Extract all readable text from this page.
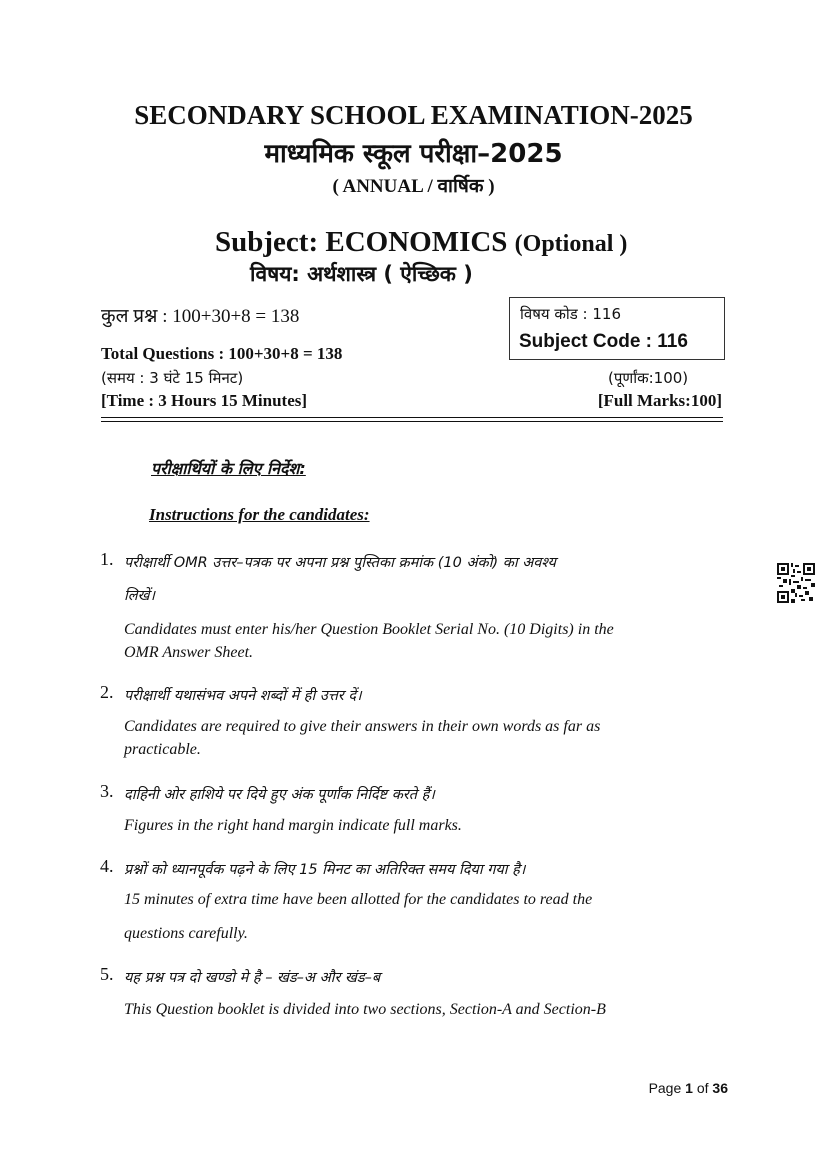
SECONDARY SCHOOL EXAMINATION-2025
माध्यमिक स्कूल परीक्षा–2025
( ANNUAL / वार्षिक )
Subject: ECONOMICS (Optional )
विषय: अर्थशास्त्र ( ऐच्छिक )
कुल प्रश्न : 100+30+8 = 138
Total Questions : 100+30+8 = 138
(समय : 3 घंटे 15 मिनट)
[Time : 3 Hours 15 Minutes]
(पूर्णांक:100)
[Full Marks:100]
विषय कोड : 116
Subject Code : 116
परीक्षार्थियों के लिए निर्देश:
Instructions for the candidates:
1. परीक्षार्थी OMR उत्तर–पत्रक पर अपना प्रश्न पुस्तिका क्रमांक (10 अंको) का अवश्य
लिखें।
Candidates must enter his/her Question Booklet Serial No. (10 Digits) in the
OMR Answer Sheet.
2. परीक्षार्थी यथासंभव अपने शब्दों में ही उत्तर दें।
Candidates are required to give their answers in their own words as far as
practicable.
3. दाहिनी ओर हाशिये पर दिये हुए अंक पूर्णांक निर्दिष्ट करते हैं।
Figures in the right hand margin indicate full marks.
4. प्रश्नों को ध्यानपूर्वक पढ़ने के लिए 15 मिनट का अतिरिक्त समय दिया गया है।
15 minutes of extra time have been allotted for the candidates to read the
questions carefully.
5. यह प्रश्न पत्र दो खण्डो मे है – खंड–अ और खंड–ब
This Question booklet is divided into two sections, Section-A and Section-B
Page 1 of 36
